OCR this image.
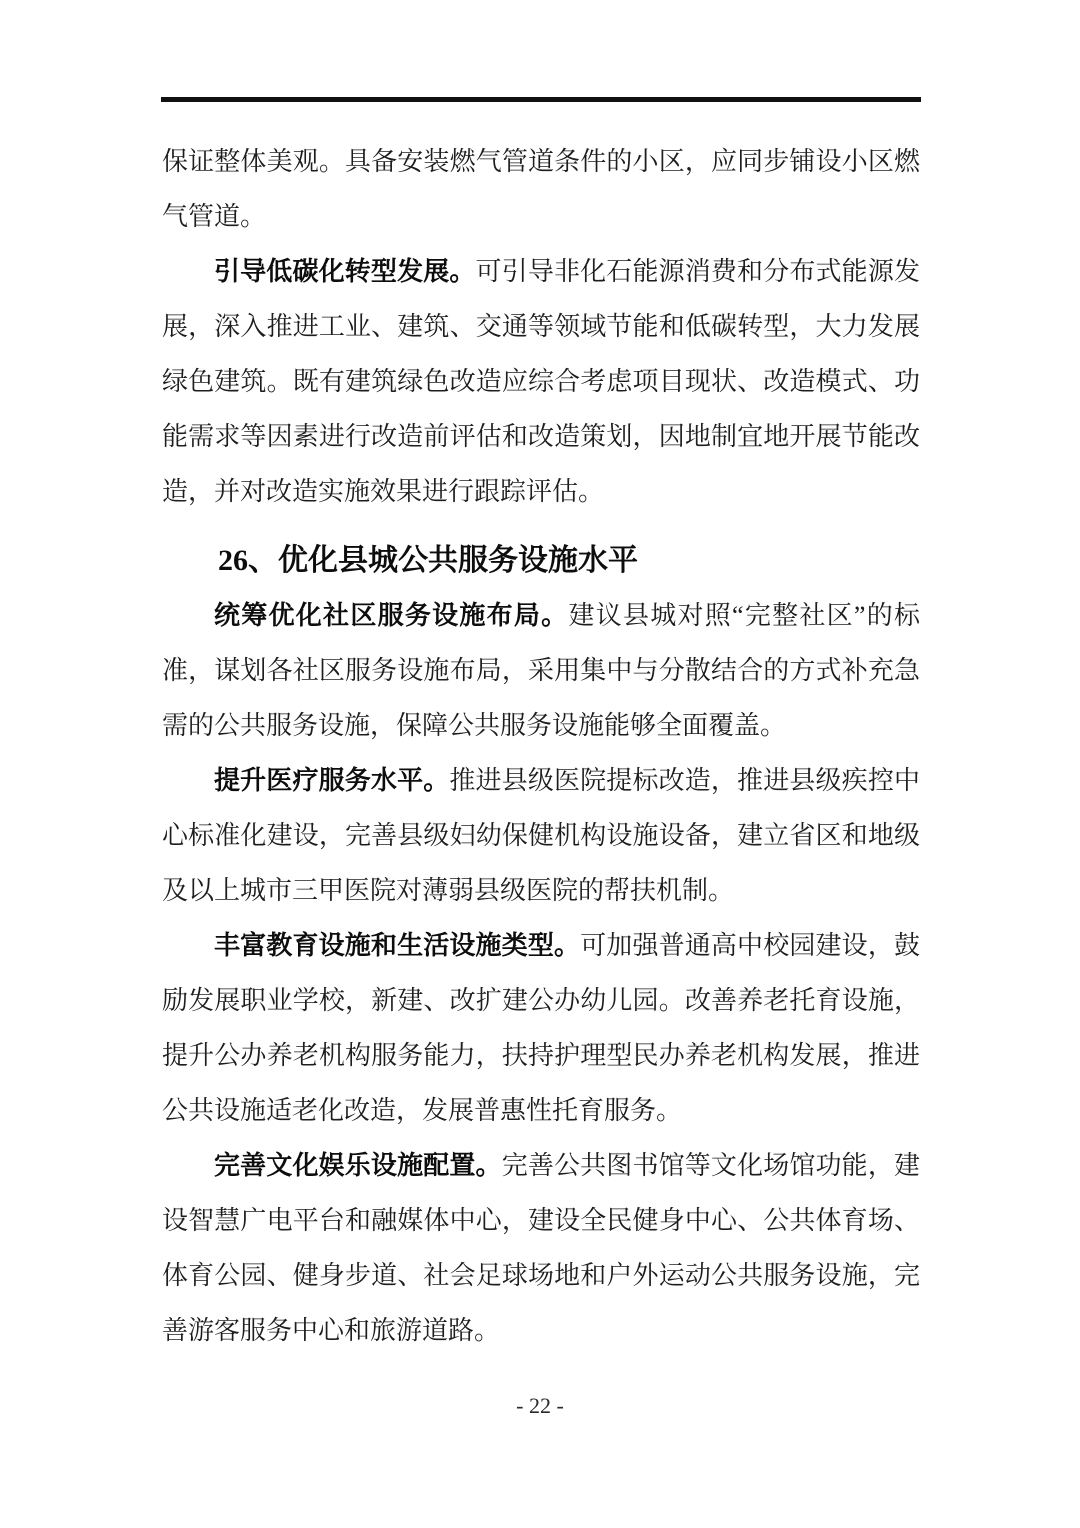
保证整体美观。具备安装燃气管道条件的小区，应同步铺设小区燃
气管道。
引导低碳化转型发展。可引导非化石能源消费和分布式能源发
展，深入推进工业、建筑、交通等领域节能和低碳转型，大力发展
绿色建筑。既有建筑绿色改造应综合考虑项目现状、改造模式、功
能需求等因素进行改造前评估和改造策划，因地制宜地开展节能改
造，并对改造实施效果进行跟踪评估。
26、优化县城公共服务设施水平
统筹优化社区服务设施布局。建议县城对照“完整社区”的标
准，谋划各社区服务设施布局，采用集中与分散结合的方式补充急
需的公共服务设施，保障公共服务设施能够全面覆盖。
提升医疗服务水平。推进县级医院提标改造，推进县级疾控中
心标准化建设，完善县级妇幼保健机构设施设备，建立省区和地级
及以上城市三甲医院对薄弱县级医院的帮扶机制。
丰富教育设施和生活设施类型。可加强普通高中校园建设，鼓
励发展职业学校，新建、改扩建公办幼儿园。改善养老托育设施，
提升公办养老机构服务能力，扶持护理型民办养老机构发展，推进
公共设施适老化改造，发展普惠性托育服务。
完善文化娱乐设施配置。完善公共图书馆等文化场馆功能，建
设智慧广电平台和融媒体中心，建设全民健身中心、公共体育场、
体育公园、健身步道、社会足球场地和户外运动公共服务设施，完
善游客服务中心和旅游道路。
- 22 -
